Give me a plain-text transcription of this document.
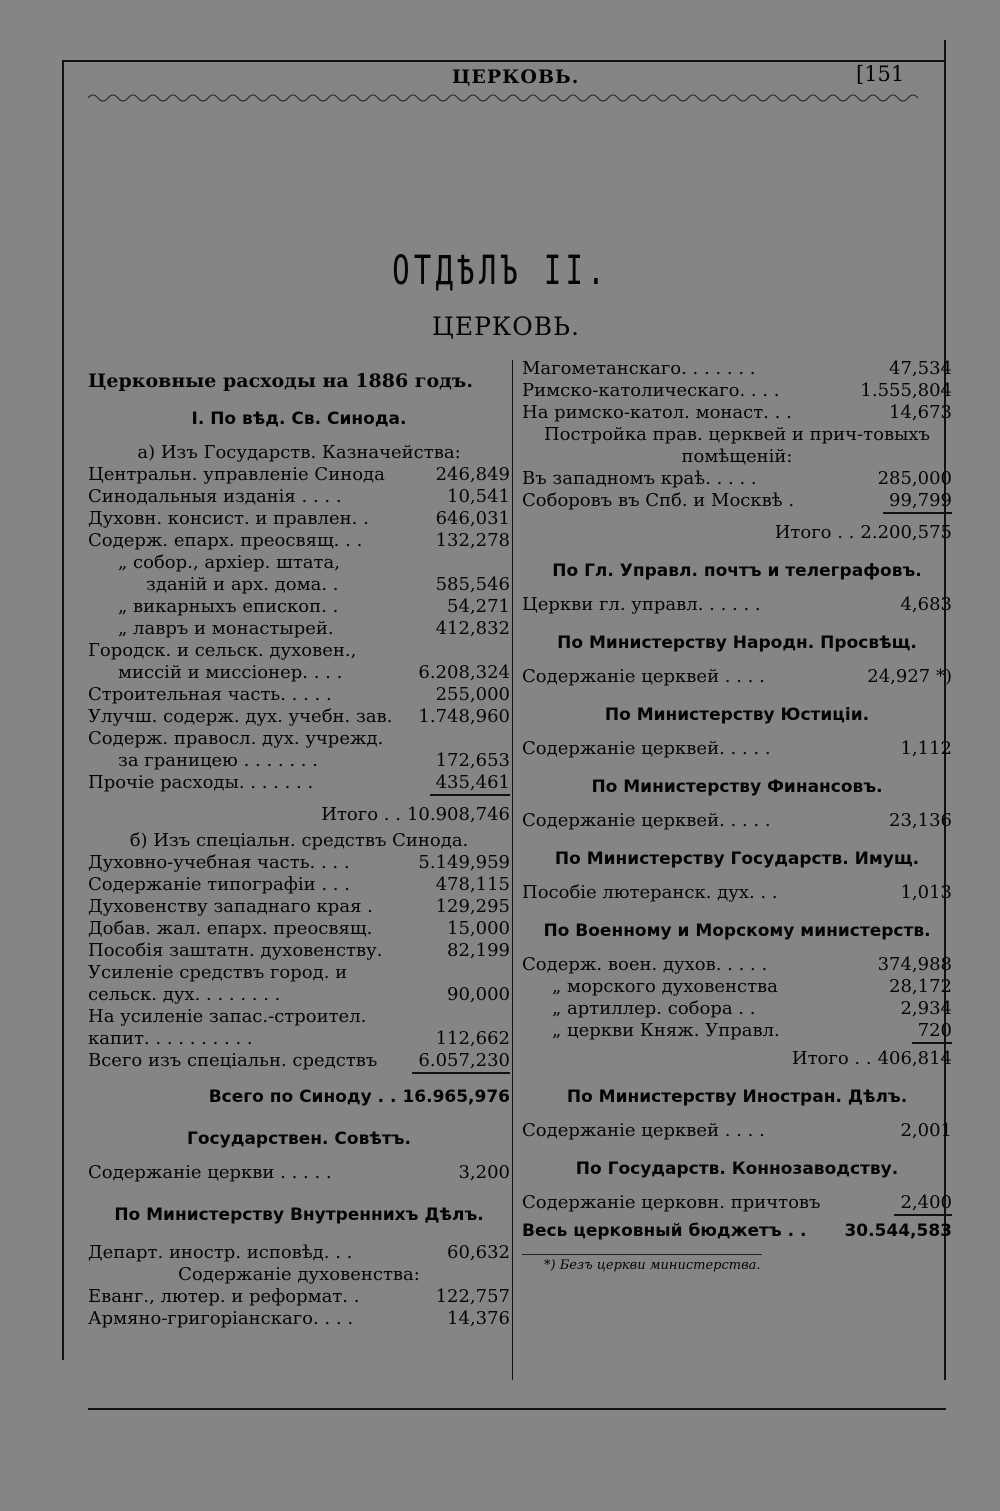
ЦЕРКОВЬ.	[151
ОТДѢЛЪ II.
ЦЕРКОВЬ.
Церковные расходы на 1886 годъ.
I. По вѣд. Св. Синода.
а) Изъ Государств. Казначейства:
Центральн. управленіе Синода	246,849
Синодальныя изданія . . . .	10,541
Духовн. консист. и правлен. .	646,031
Содерж. епарх. преосвящ. . .	132,278
„ собор., архіер. штата,
зданій и арх. дома. .	585,546
„ викарныхъ епископ. .	54,271
„ лавръ и монастырей.	412,832
Городск. и сельск. духовен.,
миссій и миссіонер. . . .	6.208,324
Строительная часть. . . . .	255,000
Улучш. содерж. дух. учебн. зав.	1.748,960
Содерж. правосл. дух. учрежд.
за границею . . . . . . .	172,653
Прочіе расходы. . . . . . .	435,461
Итого . . 10.908,746
б) Изъ спеціальн. средствъ Синода.
Духовно-учебная часть. . . .	5.149,959
Содержаніе типографіи . . .	478,115
Духовенству западнаго края .	129,295
Добав. жал. епарх. преосвящ.	15,000
Пособія заштатн. духовенству.	82,199
Усиленіе средствъ город. и
сельск. дух. . . . . . . .	90,000
На усиленіе запас.-строител.
капит. . . . . . . . . .	112,662
Всего изъ спеціальн. средствъ	6.057,230
Всего по Синоду . . 16.965,976
Государствен. Совѣтъ.
Содержаніе церкви . . . . .	3,200
По Министерству Внутреннихъ Дѣлъ.
Департ. иностр. исповѣд. . .	60,632
Содержаніе духовенства:
Еванг., лютер. и реформат. .	122,757
Армяно-григоріанскаго. . . .	14,376
Магометанскаго. . . . . . .	47,534
Римско-католическаго. . . .	1.555,804
На римско-катол. монаст. . .	14,673
Постройка прав. церквей и прич-товыхъ помѣщеній:
Въ западномъ краѣ. . . . .	285,000
Соборовъ въ Спб. и Москвѣ .	99,799
Итого . . 2.200,575
По Гл. Управл. почтъ и телеграфовъ.
Церкви гл. управл. . . . . .	4,683
По Министерству Народн. Просвѣщ.
Содержаніе церквей . . . .	24,927 *)
По Министерству Юстиціи.
Содержаніе церквей. . . . .	1,112
По Министерству Финансовъ.
Содержаніе церквей. . . . .	23,136
По Министерству Государств. Имущ.
Пособіе лютеранск. дух. . .	1,013
По Военному и Морскому министерств.
Содерж. воен. духов. . . . .	374,988
„ морского духовенства	28,172
„ артиллер. собора . .	2,934
„ церкви Княж. Управл.	720
Итого . . 406,814
По Министерству Иностран. Дѣлъ.
Содержаніе церквей . . . .	2,001
По Государств. Коннозаводству.
Содержаніе церковн. причтовъ	2,400
Весь церковный бюджетъ . .	30.544,583
*) Безъ церкви министерства.
